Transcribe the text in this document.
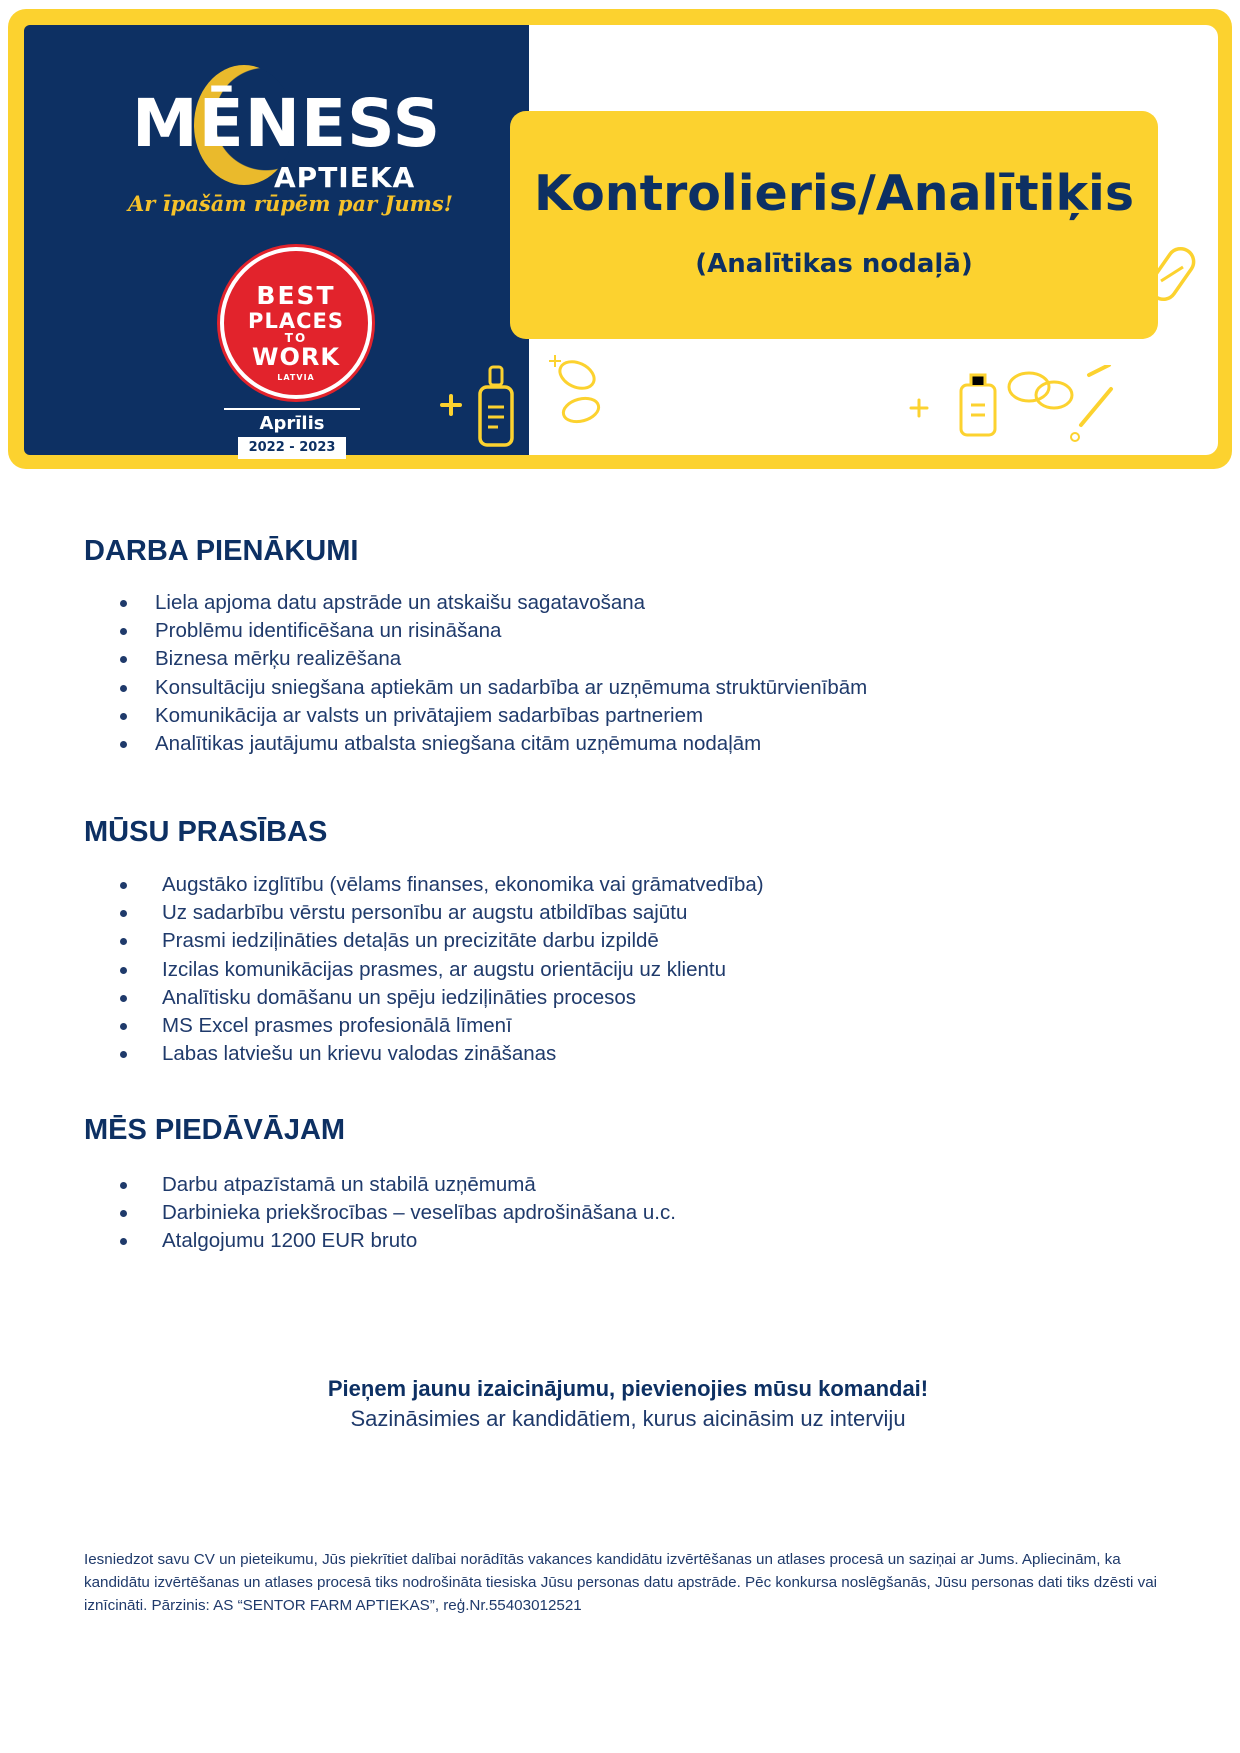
MĒNESS
APTIEKA
Ar īpašām rūpēm par Jums!
BEST
PLACES
TO
WORK
LATVIA
Aprīlis
2022 - 2023
Kontrolieris/Analītiķis
(Analītikas nodaļā)
DARBA PIENĀKUMI
Liela apjoma datu apstrāde un atskaišu sagatavošana
Problēmu identificēšana un risināšana
Biznesa mērķu realizēšana
Konsultāciju sniegšana aptiekām un sadarbība ar uzņēmuma struktūrvienībām
Komunikācija ar valsts un privātajiem sadarbības partneriem
Analītikas jautājumu atbalsta sniegšana citām uzņēmuma nodaļām
MŪSU PRASĪBAS
Augstāko izglītību (vēlams finanses, ekonomika vai grāmatvedība)
Uz sadarbību vērstu personību ar augstu atbildības sajūtu
Prasmi iedziļināties detaļās un precizitāte darbu izpildē
Izcilas komunikācijas prasmes, ar augstu orientāciju uz klientu
Analītisku domāšanu un spēju iedziļināties procesos
MS Excel prasmes profesionālā līmenī
Labas latviešu un krievu valodas zināšanas
MĒS PIEDĀVĀJAM
Darbu atpazīstamā un stabilā uzņēmumā
Darbinieka priekšrocības – veselības apdrošināšana u.c.
Atalgojumu 1200 EUR bruto
Pieņem jaunu izaicinājumu, pievienojies mūsu komandai!
Sazināsimies ar kandidātiem, kurus aicināsim uz interviju

Iesniedzot savu CV un pieteikumu, Jūs piekrītiet dalībai norādītās vakances kandidātu izvērtēšanas un atlases procesā un saziņai ar Jums. Apliecinām, ka kandidātu izvērtēšanas un atlases procesā tiks nodrošināta tiesiska Jūsu personas datu apstrāde. Pēc konkursa noslēgšanās, Jūsu personas dati tiks dzēsti vai iznīcināti. Pārzinis: AS “SENTOR FARM APTIEKAS”, reģ.Nr.55403012521
